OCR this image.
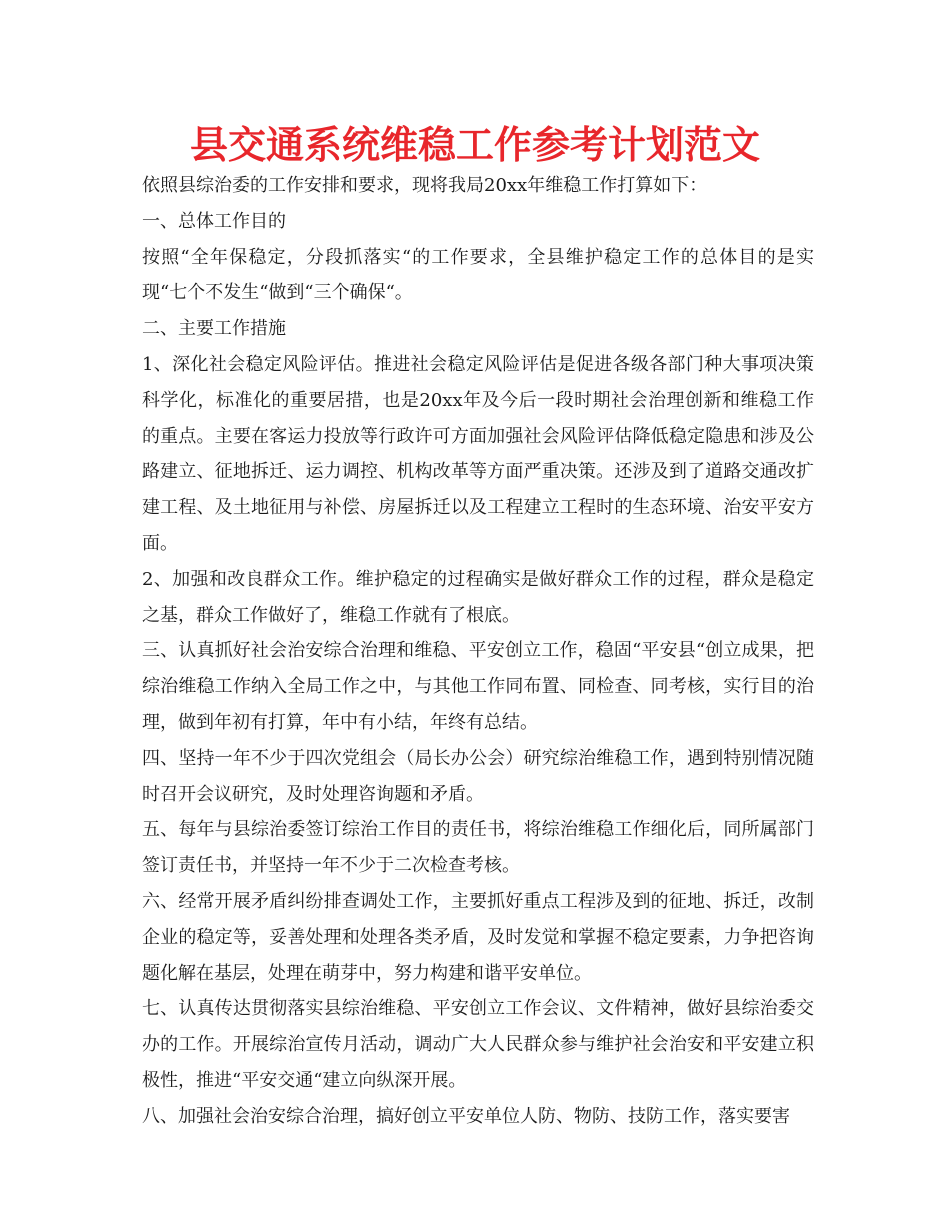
县交通系统维稳工作参考计划范文

依照县综治委的工作安排和要求，现将我局20xx年维稳工作打算如下：

一、总体工作目的

按照“全年保稳定，分段抓落实“的工作要求，全县维护稳定工作的总体目的是实现“七个不发生“做到“三个确保“。

二、主要工作措施

1、深化社会稳定风险评估。推进社会稳定风险评估是促进各级各部门种大事项决策科学化，标准化的重要居措，也是20xx年及今后一段时期社会治理创新和维稳工作的重点。主要在客运力投放等行政许可方面加强社会风险评估降低稳定隐患和涉及公路建立、征地拆迁、运力调控、机构改革等方面严重决策。还涉及到了道路交通改扩建工程、及土地征用与补偿、房屋拆迁以及工程建立工程时的生态环境、治安平安方面。

2、加强和改良群众工作。维护稳定的过程确实是做好群众工作的过程，群众是稳定之基，群众工作做好了，维稳工作就有了根底。

三、认真抓好社会治安综合治理和维稳、平安创立工作，稳固“平安县“创立成果，把综治维稳工作纳入全局工作之中，与其他工作同布置、同检查、同考核，实行目的治理，做到年初有打算，年中有小结，年终有总结。

四、坚持一年不少于四次党组会（局长办公会）研究综治维稳工作，遇到特别情况随时召开会议研究，及时处理咨询题和矛盾。

五、每年与县综治委签订综治工作目的责任书，将综治维稳工作细化后，同所属部门签订责任书，并坚持一年不少于二次检查考核。

六、经常开展矛盾纠纷排查调处工作，主要抓好重点工程涉及到的征地、拆迁，改制企业的稳定等，妥善处理和处理各类矛盾，及时发觉和掌握不稳定要素，力争把咨询题化解在基层，处理在萌芽中，努力构建和谐平安单位。

七、认真传达贯彻落实县综治维稳、平安创立工作会议、文件精神，做好县综治委交办的工作。开展综治宣传月活动，调动广大人民群众参与维护社会治安和平安建立积极性，推进“平安交通“建立向纵深开展。

八、加强社会治安综合治理，搞好创立平安单位人防、物防、技防工作，落实要害
